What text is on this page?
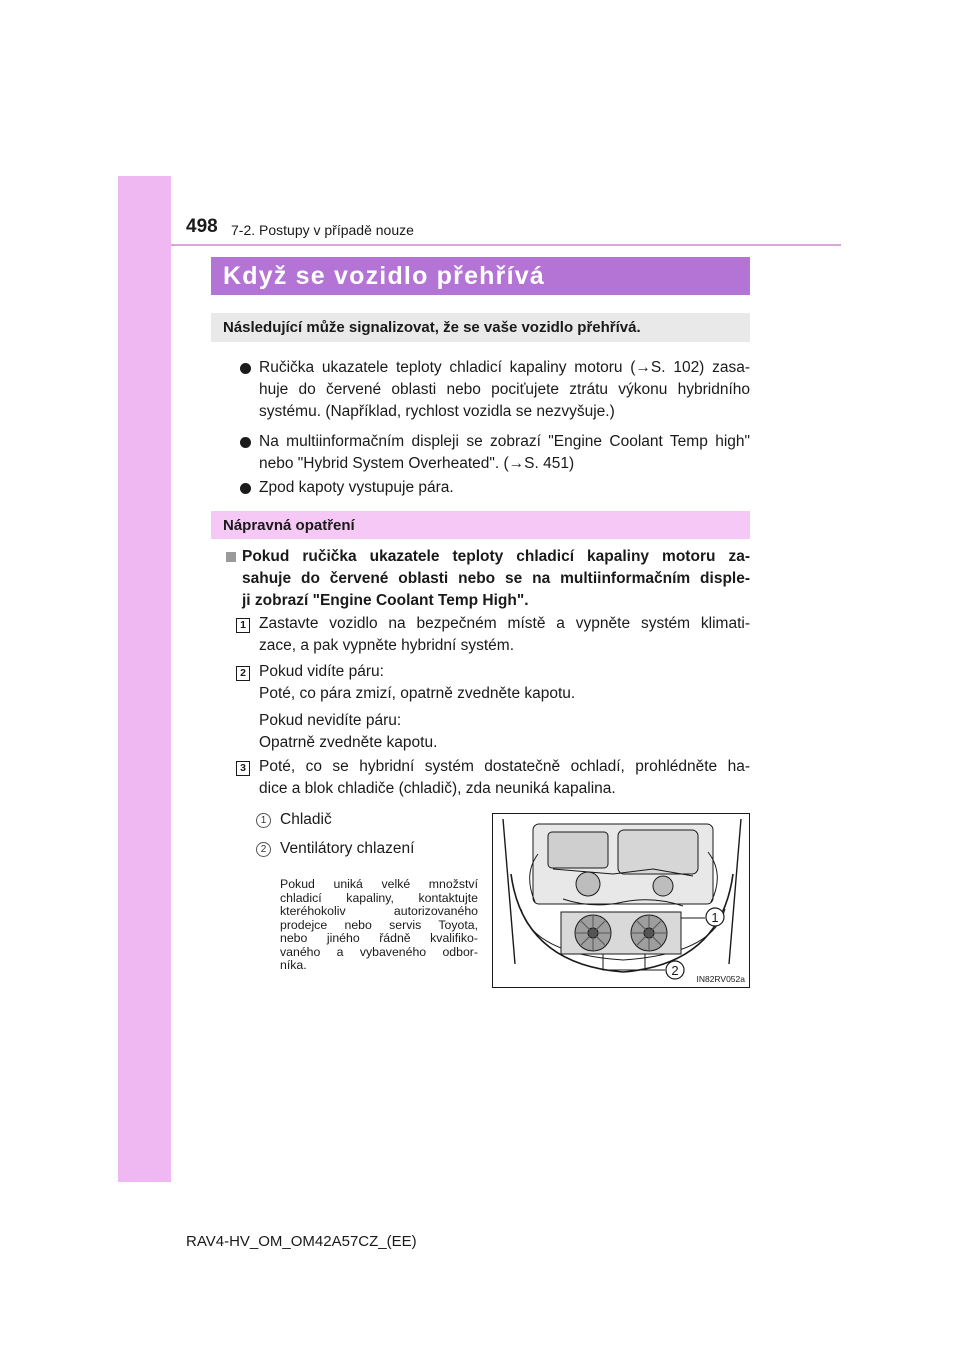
498 7-2. Postupy v případě nouze
Když se vozidlo přehřívá
Následující může signalizovat, že se vaše vozidlo přehřívá.
Ručička ukazatele teploty chladicí kapaliny motoru (→S. 102) zasa-
huje do červené oblasti nebo pociťujete ztrátu výkonu hybridního
systému. (Například, rychlost vozidla se nezvyšuje.)
Na multiinformačním displeji se zobrazí "Engine Coolant Temp high"
nebo "Hybrid System Overheated". (→S. 451)
Zpod kapoty vystupuje pára.
Nápravná opatření
Pokud ručička ukazatele teploty chladicí kapaliny motoru za-
sahuje do červené oblasti nebo se na multiinformačním disple-
ji zobrazí "Engine Coolant Temp High".
1 Zastavte vozidlo na bezpečném místě a vypněte systém klimati-
zace, a pak vypněte hybridní systém.
2 Pokud vidíte páru:
Poté, co pára zmizí, opatrně zvedněte kapotu.
Pokud nevidíte páru:
Opatrně zvedněte kapotu.
3 Poté, co se hybridní systém dostatečně ochladí, prohlédněte ha-
dice a blok chladiče (chladič), zda neuniká kapalina.
1 Chladič
2 Ventilátory chlazení
Pokud uniká velké množství
chladicí kapaliny, kontaktujte
kteréhokoliv autorizovaného
prodejce nebo servis Toyota,
nebo jiného řádně kvalifiko-
vaného a vybaveného odbor-
níka.
1
2
IN82RV052a
RAV4-HV_OM_OM42A57CZ_(EE)
